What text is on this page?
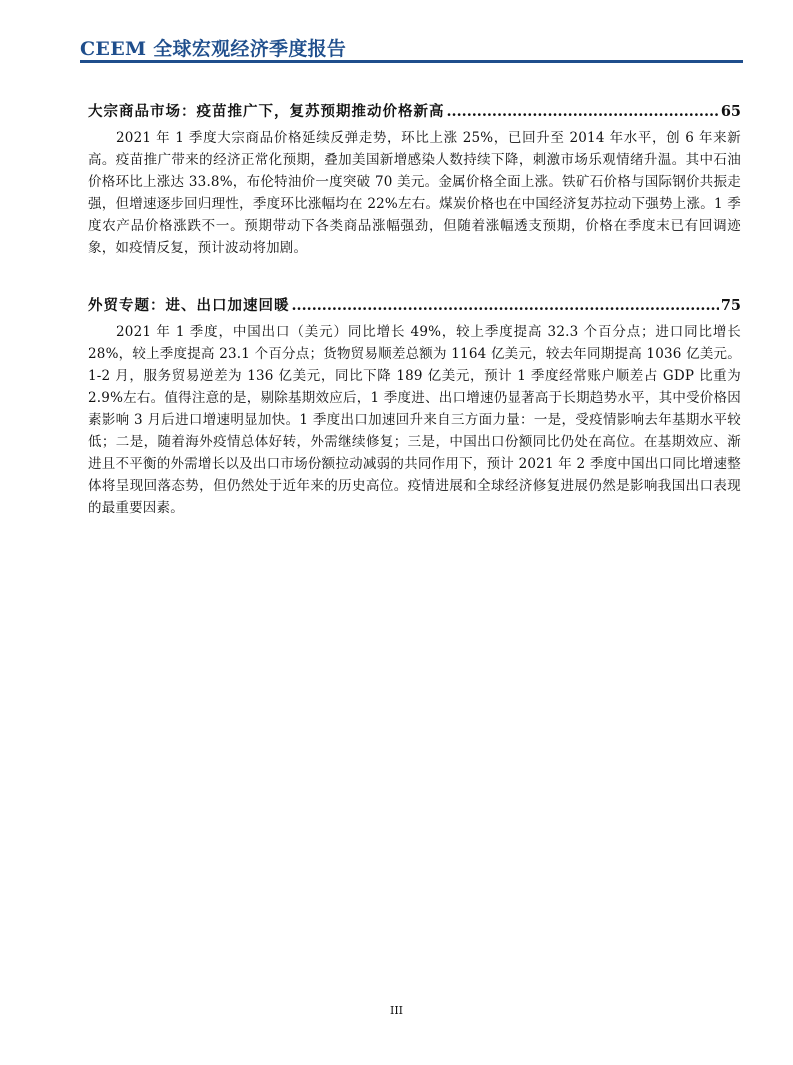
CEEM 全球宏观经济季度报告
大宗商品市场：疫苗推广下，复苏预期推动价格新高 .....	65

2021 年 1 季度大宗商品价格延续反弹走势，环比上涨 25%，已回升至 2014 年水平，创 6 年来新高。疫苗推广带来的经济正常化预期，叠加美国新增感染人数持续下降，刺激市场乐观情绪升温。其中石油价格环比上涨达 33.8%，布伦特油价一度突破 70 美元。金属价格全面上涨。铁矿石价格与国际钢价共振走强，但增速逐步回归理性，季度环比涨幅均在 22%左右。煤炭价格也在中国经济复苏拉动下强势上涨。1 季度农产品价格涨跌不一。预期带动下各类商品涨幅强劲，但随着涨幅透支预期，价格在季度末已有回调迹象，如疫情反复，预计波动将加剧。

外贸专题：进、出口加速回暖 .....	75

2021 年 1 季度，中国出口（美元）同比增长 49%，较上季度提高 32.3 个百分点；进口同比增长 28%，较上季度提高 23.1 个百分点；货物贸易顺差总额为 1164 亿美元，较去年同期提高 1036 亿美元。1-2 月，服务贸易逆差为 136 亿美元，同比下降 189 亿美元，预计 1 季度经常账户顺差占 GDP 比重为 2.9%左右。值得注意的是，剔除基期效应后，1 季度进、出口增速仍显著高于长期趋势水平，其中受价格因素影响 3 月后进口增速明显加快。1 季度出口加速回升来自三方面力量：一是，受疫情影响去年基期水平较低；二是，随着海外疫情总体好转，外需继续修复；三是，中国出口份额同比仍处在高位。在基期效应、渐进且不平衡的外需增长以及出口市场份额拉动减弱的共同作用下，预计 2021 年 2 季度中国出口同比增速整体将呈现回落态势，但仍然处于近年来的历史高位。疫情进展和全球经济修复进展仍然是影响我国出口表现的最重要因素。

III
